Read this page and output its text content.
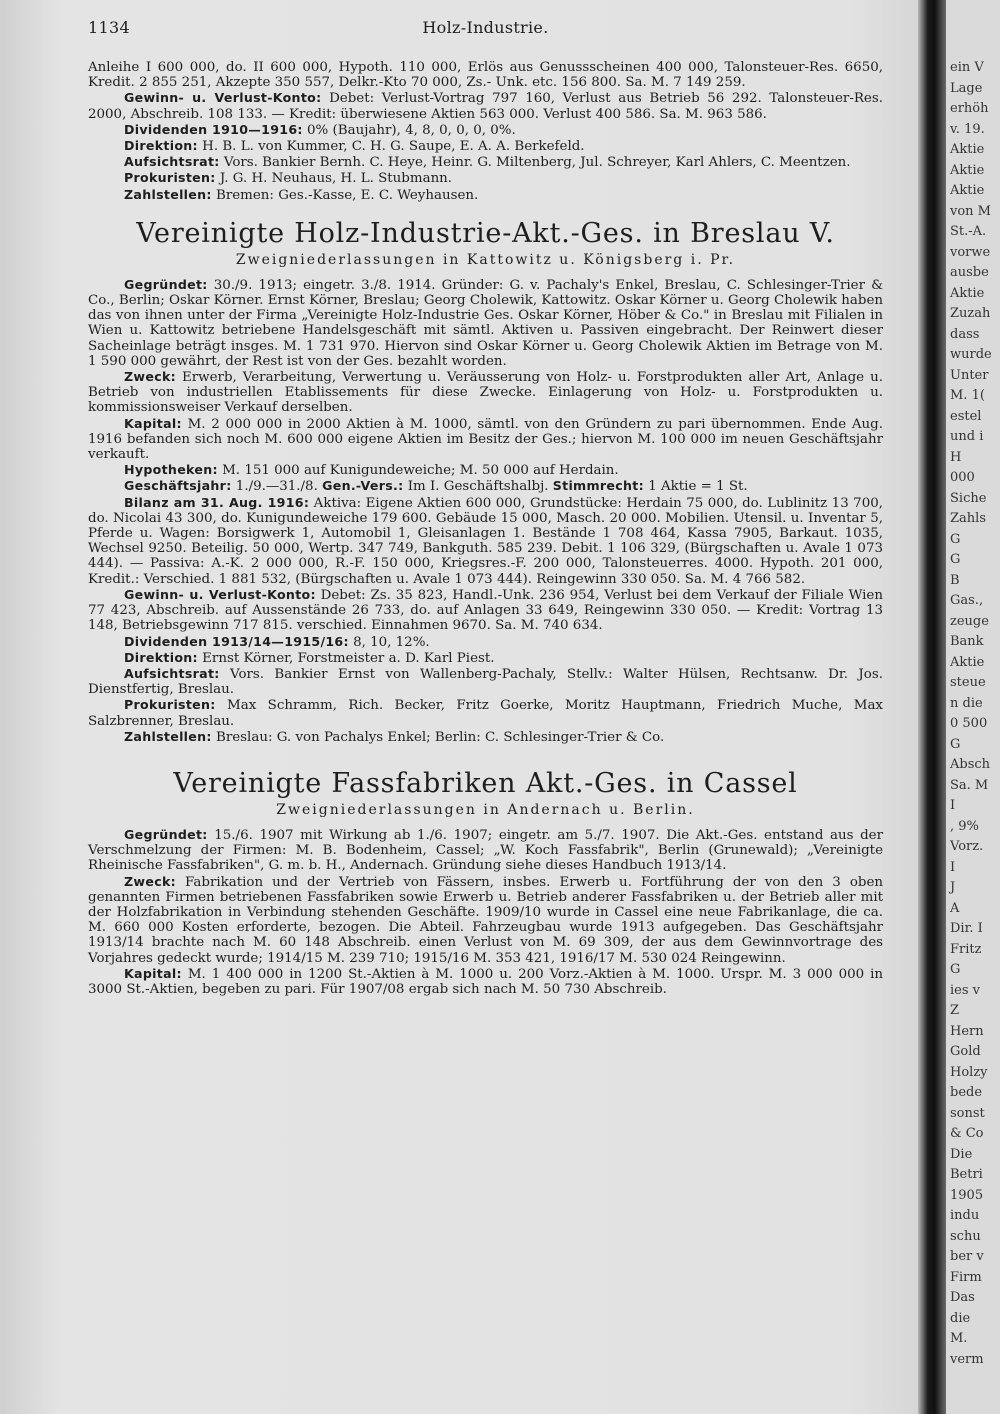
1134	Holz-Industrie.

Anleihe I 600 000, do. II 600 000, Hypoth. 110 000, Erlös aus Genussscheinen 400 000, Talonsteuer-Res. 6650, Kredit. 2 855 251, Akzepte 350 557, Delkr.-Kto 70 000, Zs.- Unk. etc. 156 800. Sa. M. 7 149 259.

Gewinn- u. Verlust-Konto: Debet: Verlust-Vortrag 797 160, Verlust aus Betrieb 56 292. Talonsteuer-Res. 2000, Abschreib. 108 133. — Kredit: überwiesene Aktien 563 000. Verlust 400 586. Sa. M. 963 586.

Dividenden 1910—1916: 0% (Baujahr), 4, 8, 0, 0, 0, 0%.

Direktion: H. B. L. von Kummer, C. H. G. Saupe, E. A. A. Berkefeld.

Aufsichtsrat: Vors. Bankier Bernh. C. Heye, Heinr. G. Miltenberg, Jul. Schreyer, Karl Ahlers, C. Meentzen.

Prokuristen: J. G. H. Neuhaus, H. L. Stubmann.

Zahlstellen: Bremen: Ges.-Kasse, E. C. Weyhausen.

Vereinigte Holz-Industrie-Akt.-Ges. in Breslau V.
Zweigniederlassungen in Kattowitz u. Königsberg i. Pr.

Gegründet: 30./9. 1913; eingetr. 3./8. 1914. Gründer: G. v. Pachaly's Enkel, Breslau, C. Schlesinger-Trier & Co., Berlin; Oskar Körner. Ernst Körner, Breslau; Georg Cholewik, Kattowitz. Oskar Körner u. Georg Cholewik haben das von ihnen unter der Firma „Vereinigte Holz-Industrie Ges. Oskar Körner, Höber & Co." in Breslau mit Filialen in Wien u. Kattowitz betriebene Handelsgeschäft mit sämtl. Aktiven u. Passiven eingebracht. Der Reinwert dieser Sacheinlage beträgt insges. M. 1 731 970. Hiervon sind Oskar Körner u. Georg Cholewik Aktien im Betrage von M. 1 590 000 gewährt, der Rest ist von der Ges. bezahlt worden.

Zweck: Erwerb, Verarbeitung, Verwertung u. Veräusserung von Holz- u. Forstprodukten aller Art, Anlage u. Betrieb von industriellen Etablissements für diese Zwecke. Einlagerung von Holz- u. Forstprodukten u. kommissionsweiser Verkauf derselben.

Kapital: M. 2 000 000 in 2000 Aktien à M. 1000, sämtl. von den Gründern zu pari übernommen. Ende Aug. 1916 befanden sich noch M. 600 000 eigene Aktien im Besitz der Ges.; hiervon M. 100 000 im neuen Geschäftsjahr verkauft.

Hypotheken: M. 151 000 auf Kunigundeweiche; M. 50 000 auf Herdain.

Geschäftsjahr: 1./9.—31./8. Gen.-Vers.: Im I. Geschäftshalbj. Stimmrecht: 1 Aktie = 1 St.

Bilanz am 31. Aug. 1916: Aktiva: Eigene Aktien 600 000, Grundstücke: Herdain 75 000, do. Lublinitz 13 700, do. Nicolai 43 300, do. Kunigundeweiche 179 600. Gebäude 15 000, Masch. 20 000. Mobilien. Utensil. u. Inventar 5, Pferde u. Wagen: Borsigwerk 1, Automobil 1, Gleisanlagen 1. Bestände 1 708 464, Kassa 7905, Barkaut. 1035, Wechsel 9250. Beteilig. 50 000, Wertp. 347 749, Bankguth. 585 239. Debit. 1 106 329, (Bürgschaften u. Avale 1 073 444). — Passiva: A.-K. 2 000 000, R.-F. 150 000, Kriegsres.-F. 200 000, Talonsteuerres. 4000. Hypoth. 201 000, Kredit.: Verschied. 1 881 532, (Bürgschaften u. Avale 1 073 444). Reingewinn 330 050. Sa. M. 4 766 582.

Gewinn- u. Verlust-Konto: Debet: Zs. 35 823, Handl.-Unk. 236 954, Verlust bei dem Verkauf der Filiale Wien 77 423, Abschreib. auf Aussenstände 26 733, do. auf Anlagen 33 649, Reingewinn 330 050. — Kredit: Vortrag 13 148, Betriebsgewinn 717 815. verschied. Einnahmen 9670. Sa. M. 740 634.

Dividenden 1913/14—1915/16: 8, 10, 12%.

Direktion: Ernst Körner, Forstmeister a. D. Karl Piest.

Aufsichtsrat: Vors. Bankier Ernst von Wallenberg-Pachaly, Stellv.: Walter Hülsen, Rechtsanw. Dr. Jos. Dienstfertig, Breslau.

Prokuristen: Max Schramm, Rich. Becker, Fritz Goerke, Moritz Hauptmann, Friedrich Muche, Max Salzbrenner, Breslau.

Zahlstellen: Breslau: G. von Pachalys Enkel; Berlin: C. Schlesinger-Trier & Co.

Vereinigte Fassfabriken Akt.-Ges. in Cassel
Zweigniederlassungen in Andernach u. Berlin.

Gegründet: 15./6. 1907 mit Wirkung ab 1./6. 1907; eingetr. am 5./7. 1907. Die Akt.-Ges. entstand aus der Verschmelzung der Firmen: M. B. Bodenheim, Cassel; „W. Koch Fassfabrik", Berlin (Grunewald); „Vereinigte Rheinische Fassfabriken", G. m. b. H., Andernach. Gründung siehe dieses Handbuch 1913/14.

Zweck: Fabrikation und der Vertrieb von Fässern, insbes. Erwerb u. Fortführung der von den 3 oben genannten Firmen betriebenen Fassfabriken sowie Erwerb u. Betrieb anderer Fassfabriken u. der Betrieb aller mit der Holzfabrikation in Verbindung stehenden Geschäfte. 1909/10 wurde in Cassel eine neue Fabrikanlage, die ca. M. 660 000 Kosten erforderte, bezogen. Die Abteil. Fahrzeugbau wurde 1913 aufgegeben. Das Geschäftsjahr 1913/14 brachte nach M. 60 148 Abschreib. einen Verlust von M. 69 309, der aus dem Gewinnvortrage des Vorjahres gedeckt wurde; 1914/15 M. 239 710; 1915/16 M. 353 421, 1916/17 M. 530 024 Reingewinn.

Kapital: M. 1 400 000 in 1200 St.-Aktien à M. 1000 u. 200 Vorz.-Aktien à M. 1000. Urspr. M. 3 000 000 in 3000 St.-Aktien, begeben zu pari. Für 1907/08 ergab sich nach M. 50 730 Abschreib.

ein V
Lage
erhöh
v. 19.
Aktie
Aktie
Aktie
von M
St.-A.
vorwe
ausbe
Aktie
Zuzah
dass
wurde
Unter
M. 1(
estel
und i
H
000
Siche
Zahls
G
G
B
Gas.,
zeuge
Bank
Aktie
steue
n die
0 500
G
Absch
Sa. M
I
, 9%
Vorz.
I
J
A
Dir. I
Fritz
G
ies v
Z
Hern
Gold
Holzy
bede
sonst
& Co
Die
Betri
1905
indu
schu
ber v
Firm
Das
die
M.
verm
